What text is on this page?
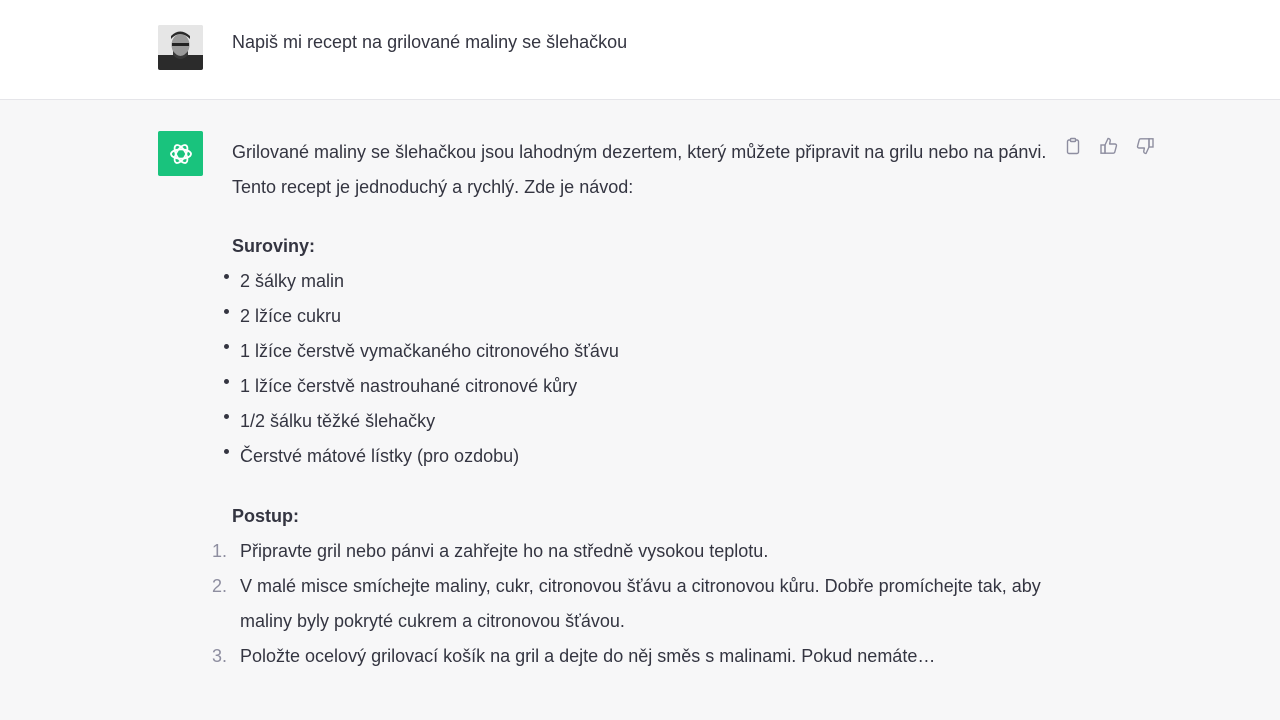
Napiš mi recept na grilované maliny se šlehačkou

Grilované maliny se šlehačkou jsou lahodným dezertem, který můžete připravit na grilu nebo na pánvi. Tento recept je jednoduchý a rychlý. Zde je návod:

Suroviny:

2 šálky malin
2 lžíce cukru
1 lžíce čerstvě vymačkaného citronového šťávu
1 lžíce čerstvě nastrouhané citronové kůry
1/2 šálku těžké šlehačky
Čerstvé mátové lístky (pro ozdobu)

Postup:

1. Připravte gril nebo pánvi a zahřejte ho na středně vysokou teplotu.
2. V malé misce smíchejte maliny, cukr, citronovou šťávu a citronovou kůru. Dobře promíchejte tak, aby maliny byly pokryté cukrem a citronovou šťávou.
3. Položte ocelový grilovací košík na gril a dejte do něj směs s malinami. Pokud nemáte…
